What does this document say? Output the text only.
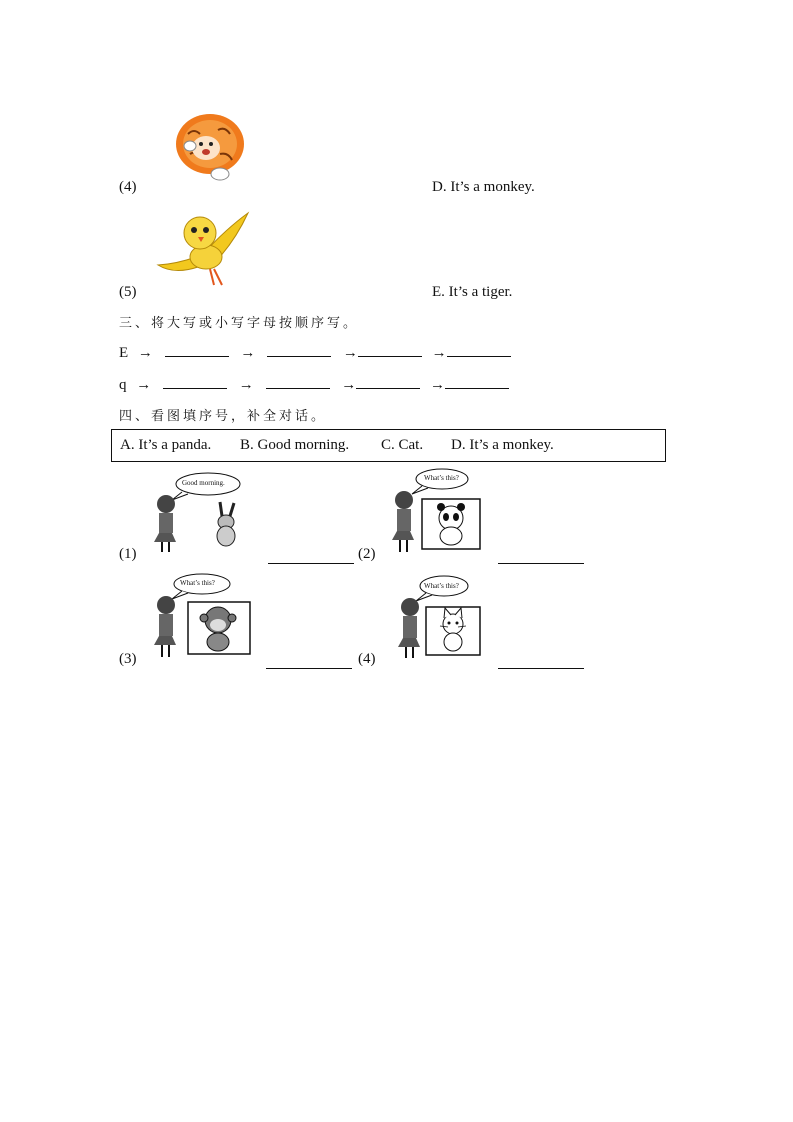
(4)	D. It’s a monkey.
(5)	E. It’s a tiger.
三、将大写或小写字母按顺序写。
E →	→	→	→
q →	→	→	→
四、看图填序号，补全对话。
A. It’s a panda. B. Good morning. C. Cat. D. It’s a monkey.
Good morning.
(1)
What’s this?
(2)
What’s this?
(3)
What’s this?
(4)
